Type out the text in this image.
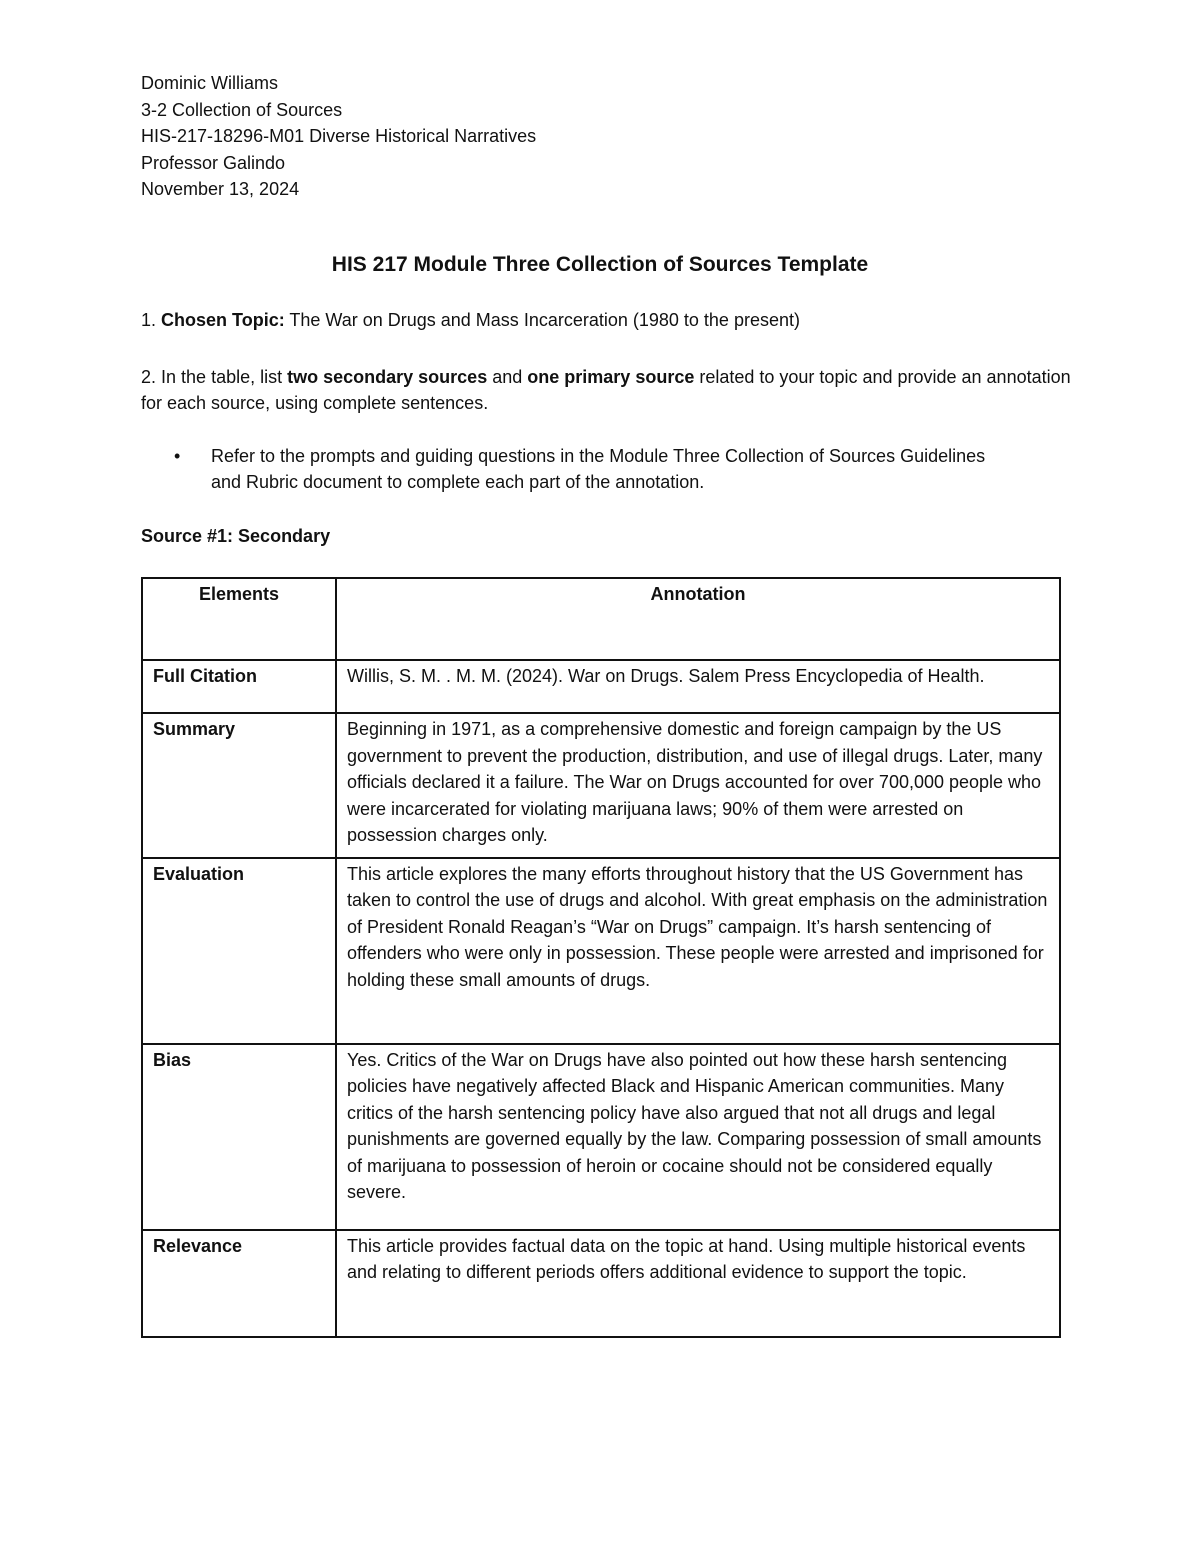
Dominic Williams
3-2 Collection of Sources
HIS-217-18296-M01 Diverse Historical Narratives
Professor Galindo
November 13, 2024
HIS 217 Module Three Collection of Sources Template
1. Chosen Topic: The War on Drugs and Mass Incarceration (1980 to the present)
2. In the table, list two secondary sources and one primary source related to your topic and provide an annotation for each source, using complete sentences.
• Refer to the prompts and guiding questions in the Module Three Collection of Sources Guidelines and Rubric document to complete each part of the annotation.
Source #1: Secondary
Elements	Annotation
Full Citation	Willis, S. M. . M. M. (2024). War on Drugs. Salem Press Encyclopedia of Health.
Summary	Beginning in 1971, as a comprehensive domestic and foreign campaign by the US government to prevent the production, distribution, and use of illegal drugs. Later, many officials declared it a failure. The War on Drugs accounted for over 700,000 people who were incarcerated for violating marijuana laws; 90% of them were arrested on possession charges only.
Evaluation	This article explores the many efforts throughout history that the US Government has taken to control the use of drugs and alcohol. With great emphasis on the administration of President Ronald Reagan’s “War on Drugs” campaign. It’s harsh sentencing of offenders who were only in possession. These people were arrested and imprisoned for holding these small amounts of drugs.
Bias	Yes. Critics of the War on Drugs have also pointed out how these harsh sentencing policies have negatively affected Black and Hispanic American communities. Many critics of the harsh sentencing policy have also argued that not all drugs and legal punishments are governed equally by the law. Comparing possession of small amounts of marijuana to possession of heroin or cocaine should not be considered equally severe.
Relevance	This article provides factual data on the topic at hand. Using multiple historical events and relating to different periods offers additional evidence to support the topic.
